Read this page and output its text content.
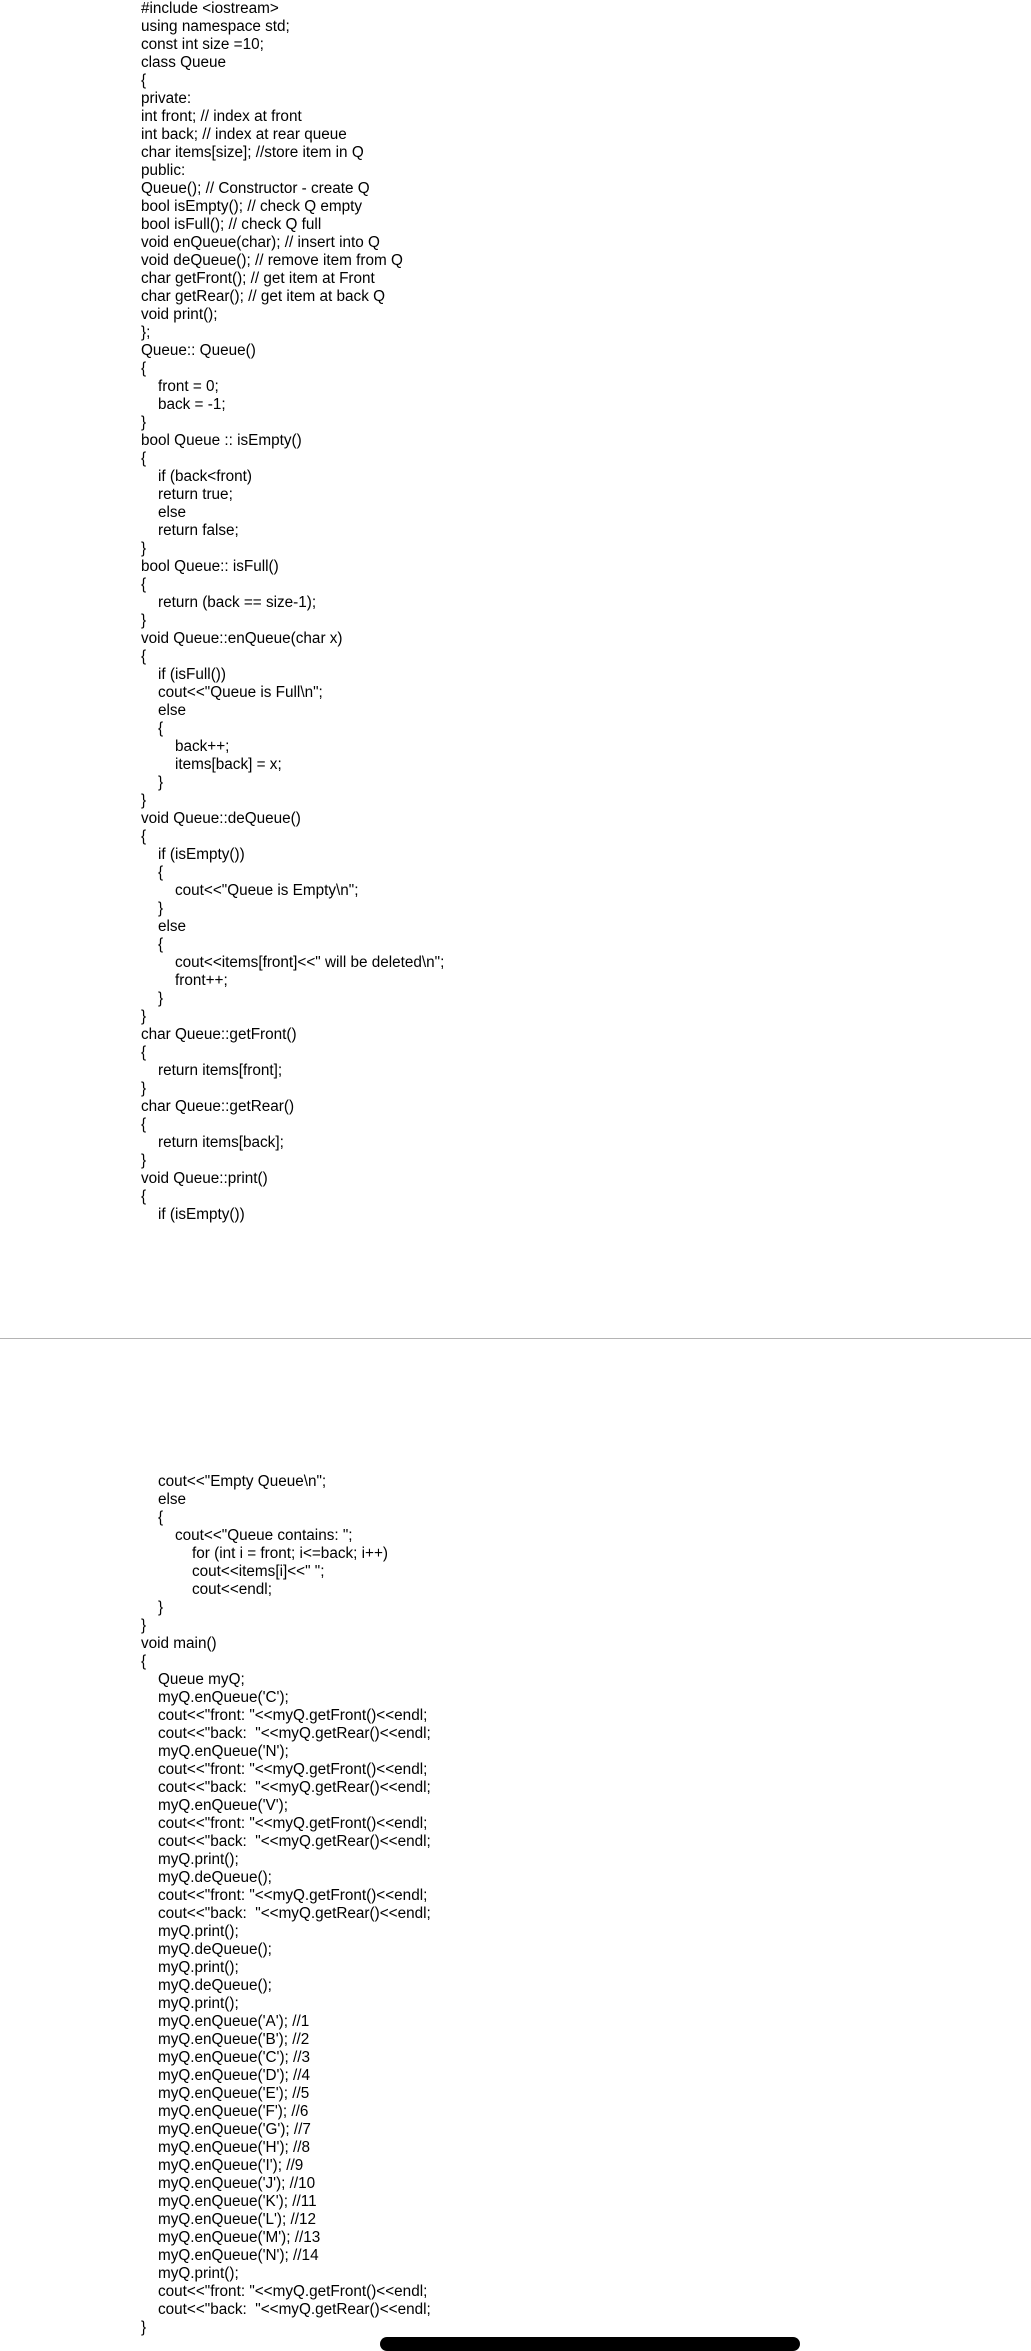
#include <iostream>
using namespace std;
const int size =10;
class Queue
{
private:
int front; // index at front
int back; // index at rear queue
char items[size]; //store item in Q
public:
Queue(); // Constructor - create Q
bool isEmpty(); // check Q empty
bool isFull(); // check Q full
void enQueue(char); // insert into Q
void deQueue(); // remove item from Q
char getFront(); // get item at Front
char getRear(); // get item at back Q
void print();
};
Queue:: Queue()
{
front = 0;
back = -1;
}
bool Queue :: isEmpty()
{
if (back<front)
return true;
else
return false;
}
bool Queue:: isFull()
{
return (back == size-1);
}
void Queue::enQueue(char x)
{
if (isFull())
cout<<"Queue is Full\n";
else
{
back++;
items[back] = x;
}
}
void Queue::deQueue()
{
if (isEmpty())
{
cout<<"Queue is Empty\n";
}
else
{
cout<<items[front]<<" will be deleted\n";
front++;
}
}
char Queue::getFront()
{
return items[front];
}
char Queue::getRear()
{
return items[back];
}
void Queue::print()
{
if (isEmpty())
cout<<"Empty Queue\n";
else
{
cout<<"Queue contains: ";
for (int i = front; i<=back; i++)
cout<<items[i]<<" ";
cout<<endl;
}
}
void main()
{
Queue myQ;
myQ.enQueue('C');
cout<<"front: "<<myQ.getFront()<<endl;
cout<<"back:  "<<myQ.getRear()<<endl;
myQ.enQueue('N');
cout<<"front: "<<myQ.getFront()<<endl;
cout<<"back:  "<<myQ.getRear()<<endl;
myQ.enQueue('V');
cout<<"front: "<<myQ.getFront()<<endl;
cout<<"back:  "<<myQ.getRear()<<endl;
myQ.print();
myQ.deQueue();
cout<<"front: "<<myQ.getFront()<<endl;
cout<<"back:  "<<myQ.getRear()<<endl;
myQ.print();
myQ.deQueue();
myQ.print();
myQ.deQueue();
myQ.print();
myQ.enQueue('A'); //1
myQ.enQueue('B'); //2
myQ.enQueue('C'); //3
myQ.enQueue('D'); //4
myQ.enQueue('E'); //5
myQ.enQueue('F'); //6
myQ.enQueue('G'); //7
myQ.enQueue('H'); //8
myQ.enQueue('I'); //9
myQ.enQueue('J'); //10
myQ.enQueue('K'); //11
myQ.enQueue('L'); //12
myQ.enQueue('M'); //13
myQ.enQueue('N'); //14
myQ.print();
cout<<"front: "<<myQ.getFront()<<endl;
cout<<"back:  "<<myQ.getRear()<<endl;
}
